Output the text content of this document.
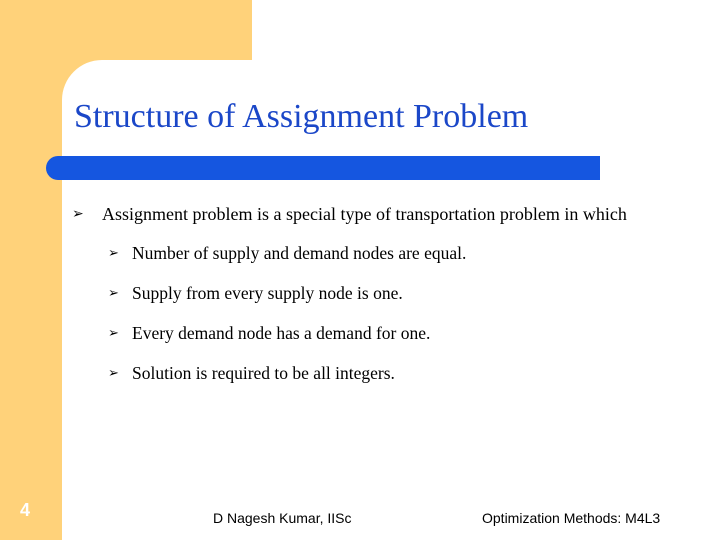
Structure of Assignment Problem
➢ Assignment problem is a special type of transportation problem in which
➢ Number of supply and demand nodes are equal.
➢ Supply from every supply node is one.
➢ Every demand node has a demand for one.
➢ Solution is required to be all integers.
4	D Nagesh Kumar, IISc	Optimization Methods: M4L3
